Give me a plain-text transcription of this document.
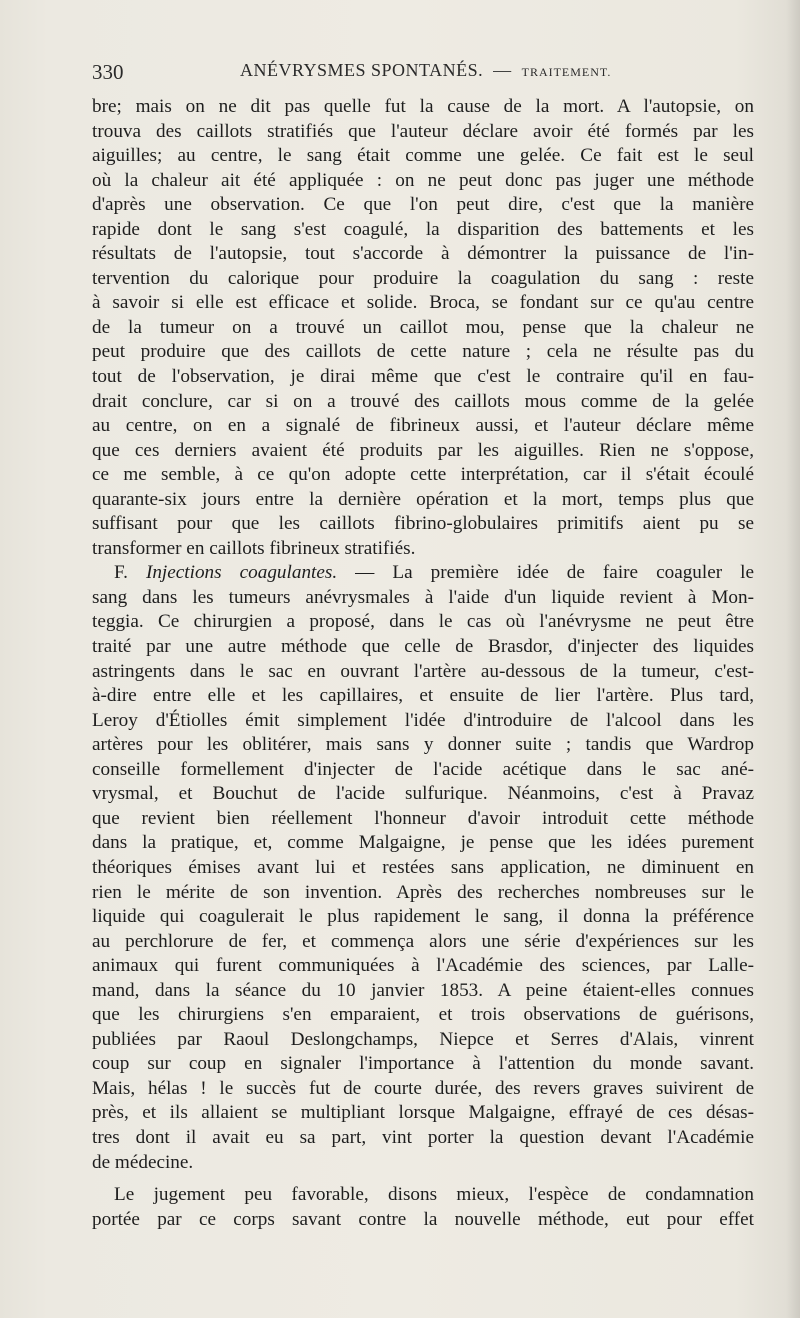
330	ANÉVRYSMES SPONTANÉS. — TRAITEMENT.
bre; mais on ne dit pas quelle fut la cause de la mort. A l'autopsie, on
trouva des caillots stratifiés que l'auteur déclare avoir été formés par les
aiguilles; au centre, le sang était comme une gelée. Ce fait est le seul
où la chaleur ait été appliquée : on ne peut donc pas juger une méthode
d'après une observation. Ce que l'on peut dire, c'est que la manière
rapide dont le sang s'est coagulé, la disparition des battements et les
résultats de l'autopsie, tout s'accorde à démontrer la puissance de l'in-
tervention du calorique pour produire la coagulation du sang : reste
à savoir si elle est efficace et solide. Broca, se fondant sur ce qu'au centre
de la tumeur on a trouvé un caillot mou, pense que la chaleur ne
peut produire que des caillots de cette nature ; cela ne résulte pas du
tout de l'observation, je dirai même que c'est le contraire qu'il en fau-
drait conclure, car si on a trouvé des caillots mous comme de la gelée
au centre, on en a signalé de fibrineux aussi, et l'auteur déclare même
que ces derniers avaient été produits par les aiguilles. Rien ne s'oppose,
ce me semble, à ce qu'on adopte cette interprétation, car il s'était écoulé
quarante-six jours entre la dernière opération et la mort, temps plus que
suffisant pour que les caillots fibrino-globulaires primitifs aient pu se
transformer en caillots fibrineux stratifiés.
F. Injections coagulantes. — La première idée de faire coaguler le
sang dans les tumeurs anévrysmales à l'aide d'un liquide revient à Mon-
teggia. Ce chirurgien a proposé, dans le cas où l'anévrysme ne peut être
traité par une autre méthode que celle de Brasdor, d'injecter des liquides
astringents dans le sac en ouvrant l'artère au-dessous de la tumeur, c'est-
à-dire entre elle et les capillaires, et ensuite de lier l'artère. Plus tard,
Leroy d'Étiolles émit simplement l'idée d'introduire de l'alcool dans les
artères pour les oblitérer, mais sans y donner suite ; tandis que Wardrop
conseille formellement d'injecter de l'acide acétique dans le sac ané-
vrysmal, et Bouchut de l'acide sulfurique. Néanmoins, c'est à Pravaz
que revient bien réellement l'honneur d'avoir introduit cette méthode
dans la pratique, et, comme Malgaigne, je pense que les idées purement
théoriques émises avant lui et restées sans application, ne diminuent en
rien le mérite de son invention. Après des recherches nombreuses sur le
liquide qui coagulerait le plus rapidement le sang, il donna la préférence
au perchlorure de fer, et commença alors une série d'expériences sur les
animaux qui furent communiquées à l'Académie des sciences, par Lalle-
mand, dans la séance du 10 janvier 1853. A peine étaient-elles connues
que les chirurgiens s'en emparaient, et trois observations de guérisons,
publiées par Raoul Deslongchamps, Niepce et Serres d'Alais, vinrent
coup sur coup en signaler l'importance à l'attention du monde savant.
Mais, hélas ! le succès fut de courte durée, des revers graves suivirent de
près, et ils allaient se multipliant lorsque Malgaigne, effrayé de ces désas-
tres dont il avait eu sa part, vint porter la question devant l'Académie
de médecine.
Le jugement peu favorable, disons mieux, l'espèce de condamnation
portée par ce corps savant contre la nouvelle méthode, eut pour effet
